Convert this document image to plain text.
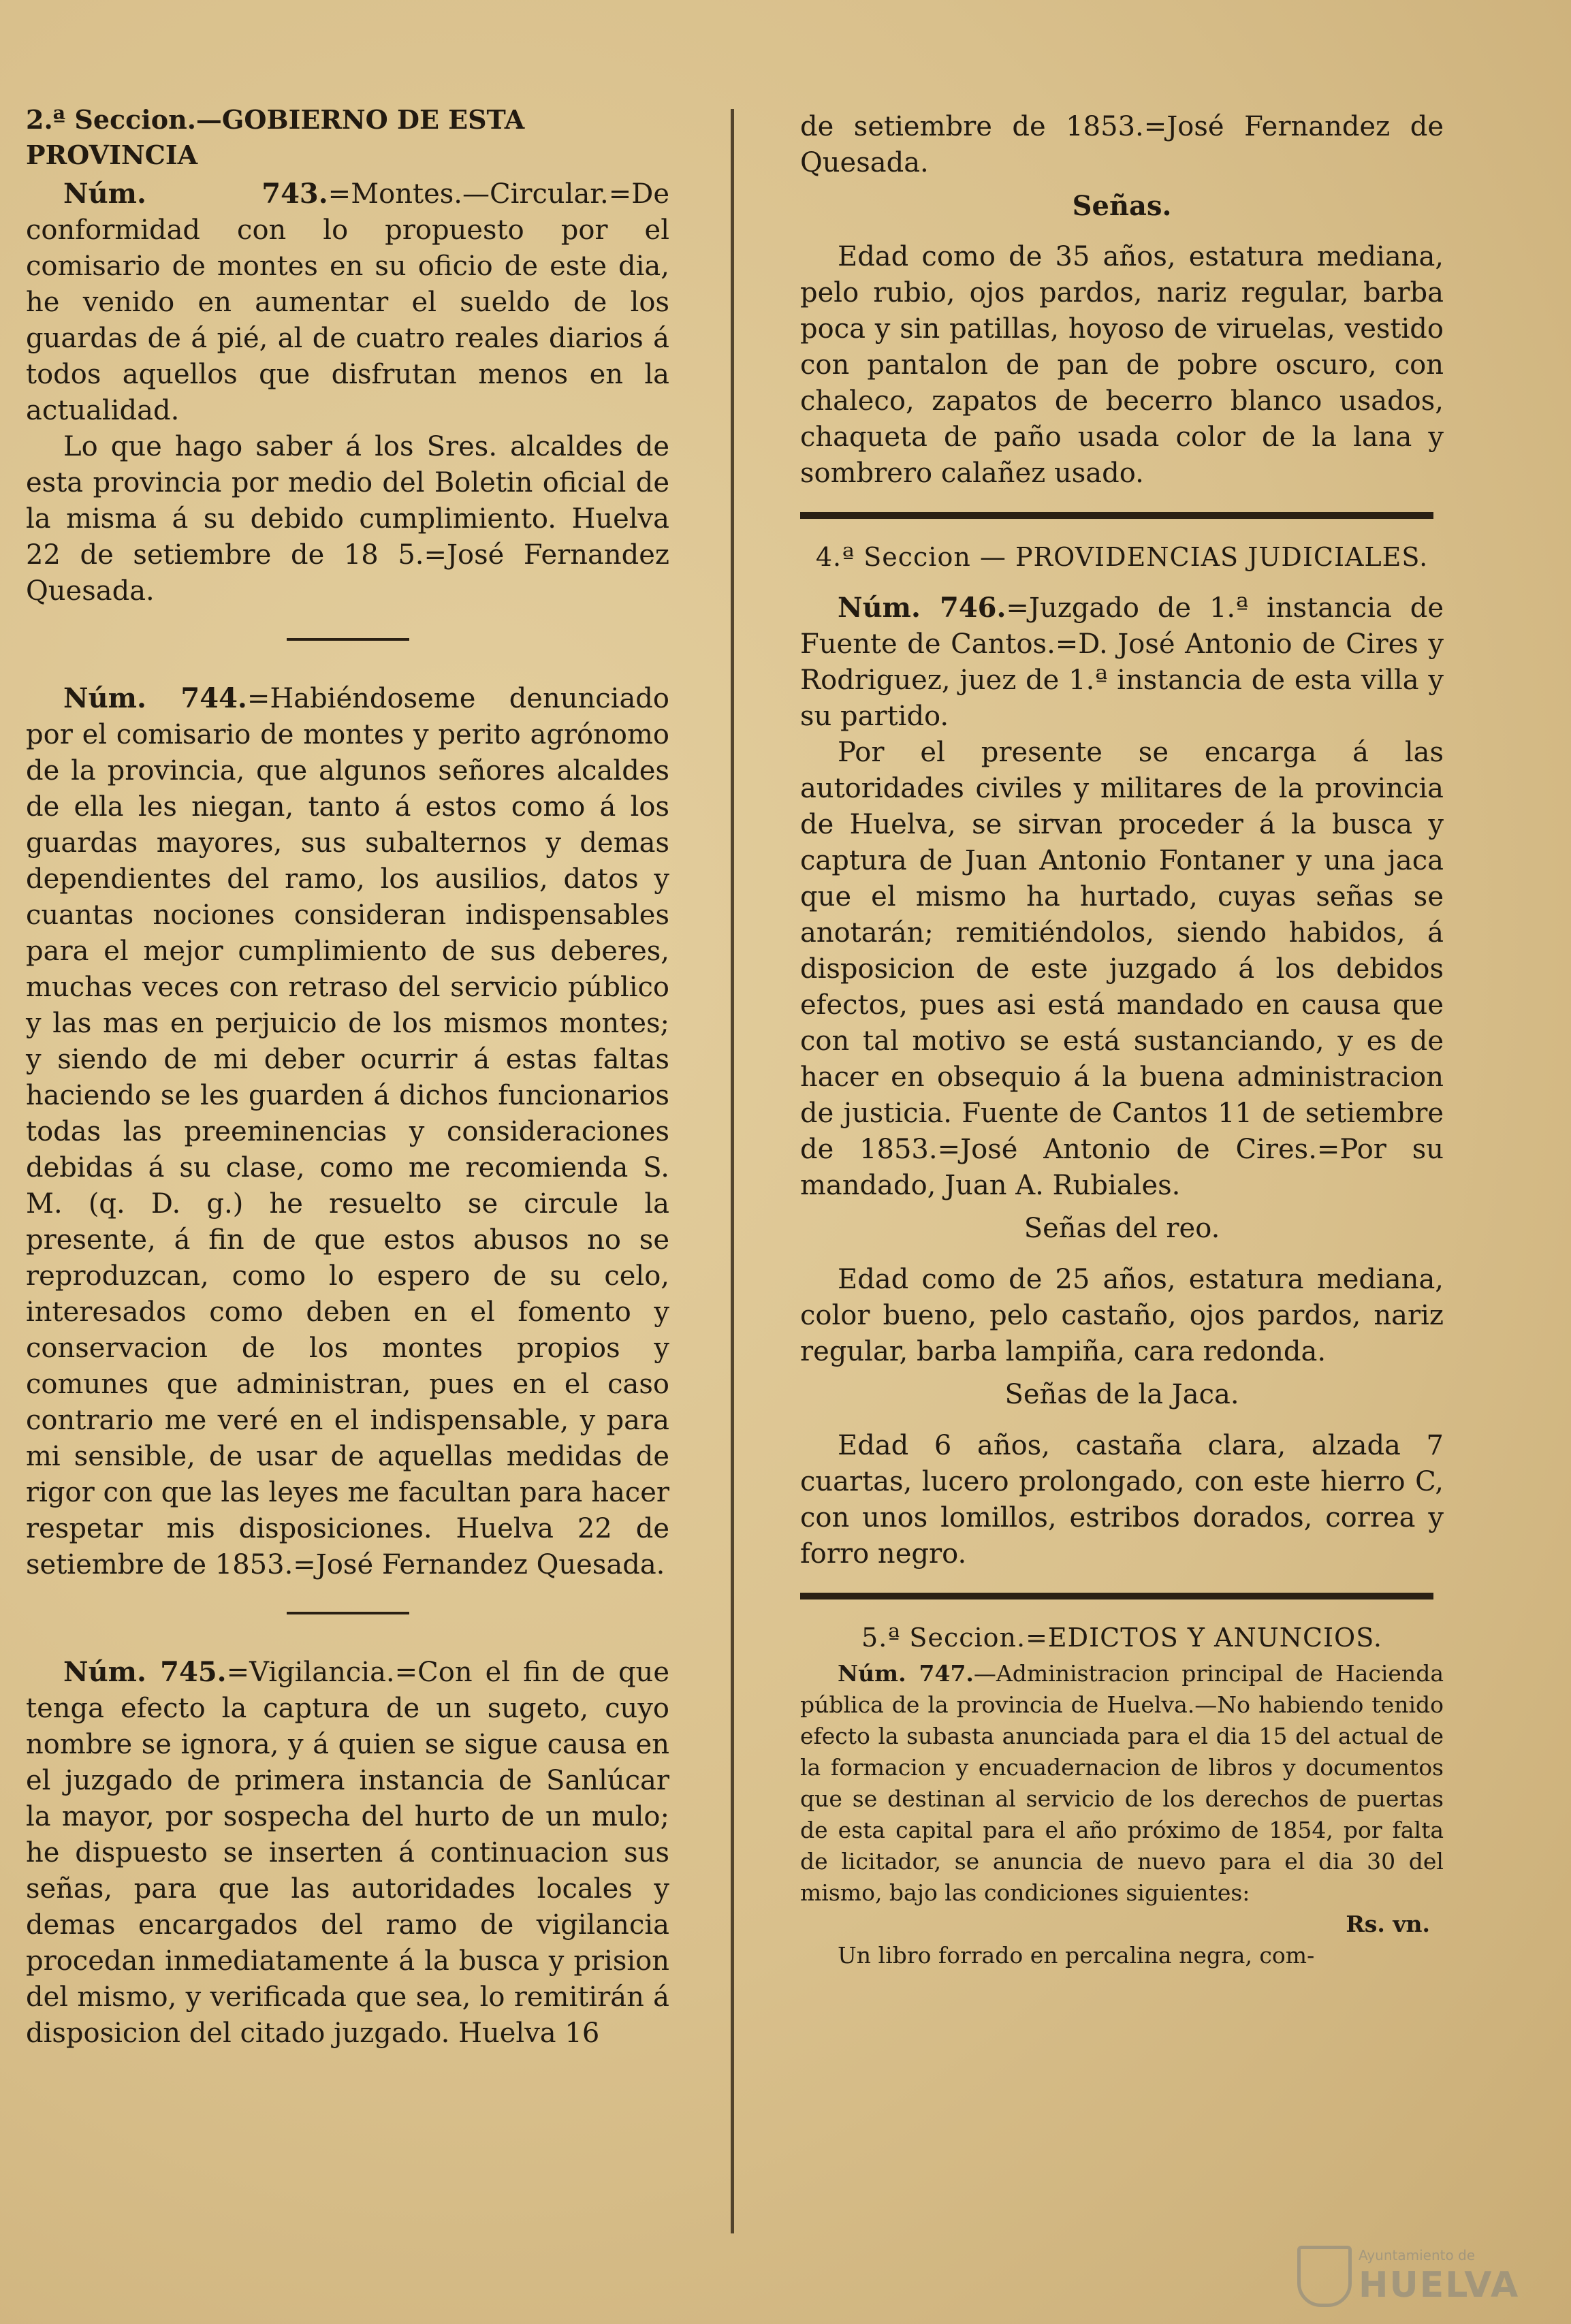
2.ª Seccion.—GOBIERNO DE ESTA PROVINCIA

Núm. 743.=Montes.—Circular.=De conformidad con lo propuesto por el comisario de montes en su oficio de este dia, he venido en aumentar el sueldo de los guardas de á pié, al de cuatro reales diarios á todos aquellos que disfrutan menos en la actualidad.

Lo que hago saber á los Sres. alcaldes de esta provincia por medio del Boletin oficial de la misma á su debido cumplimiento. Huelva 22 de setiembre de 18 5.=José Fernandez Quesada.

Núm. 744.=Habiéndoseme denunciado por el comisario de montes y perito agrónomo de la provincia, que algunos señores alcaldes de ella les niegan, tanto á estos como á los guardas mayores, sus subalternos y demas dependientes del ramo, los ausilios, datos y cuantas nociones consideran indispensables para el mejor cumplimiento de sus deberes, muchas veces con retraso del servicio público y las mas en perjuicio de los mismos montes; y siendo de mi deber ocurrir á estas faltas haciendo se les guarden á dichos funcionarios todas las preeminencias y consideraciones debidas á su clase, como me recomienda S. M. (q. D. g.) he resuelto se circule la presente, á fin de que estos abusos no se reproduzcan, como lo espero de su celo, interesados como deben en el fomento y conservacion de los montes propios y comunes que administran, pues en el caso contrario me veré en el indispensable, y para mi sensible, de usar de aquellas medidas de rigor con que las leyes me facultan para hacer respetar mis disposiciones. Huelva 22 de setiembre de 1853.=José Fernandez Quesada.

Núm. 745.=Vigilancia.=Con el fin de que tenga efecto la captura de un sugeto, cuyo nombre se ignora, y á quien se sigue causa en el juzgado de primera instancia de Sanlúcar la mayor, por sospecha del hurto de un mulo; he dispuesto se inserten á continuacion sus señas, para que las autoridades locales y demas encargados del ramo de vigilancia procedan inmediatamente á la busca y prision del mismo, y verificada que sea, lo remitirán á disposicion del citado juzgado. Huelva 16

de setiembre de 1853.=José Fernandez de Quesada.

Señas.

Edad como de 35 años, estatura mediana, pelo rubio, ojos pardos, nariz regular, barba poca y sin patillas, hoyoso de viruelas, vestido con pantalon de pan de pobre oscuro, con chaleco, zapatos de becerro blanco usados, chaqueta de paño usada color de la lana y sombrero calañez usado.

4.ª Seccion — PROVIDENCIAS JUDICIALES.

Núm. 746.=Juzgado de 1.ª instancia de Fuente de Cantos.=D. José Antonio de Cires y Rodriguez, juez de 1.ª instancia de esta villa y su partido.

Por el presente se encarga á las autoridades civiles y militares de la provincia de Huelva, se sirvan proceder á la busca y captura de Juan Antonio Fontaner y una jaca que el mismo ha hurtado, cuyas señas se anotarán; remitiéndolos, siendo habidos, á disposicion de este juzgado á los debidos efectos, pues asi está mandado en causa que con tal motivo se está sustanciando, y es de hacer en obsequio á la buena administracion de justicia. Fuente de Cantos 11 de setiembre de 1853.=José Antonio de Cires.=Por su mandado, Juan A. Rubiales.

Señas del reo.

Edad como de 25 años, estatura mediana, color bueno, pelo castaño, ojos pardos, nariz regular, barba lampiña, cara redonda.

Señas de la Jaca.

Edad 6 años, castaña clara, alzada 7 cuartas, lucero prolongado, con este hierro C, con unos lomillos, estribos dorados, correa y forro negro.

5.ª Seccion.=EDICTOS Y ANUNCIOS.

Núm. 747.—Administracion principal de Hacienda pública de la provincia de Huelva.—No habiendo tenido efecto la subasta anunciada para el dia 15 del actual de la formacion y encuadernacion de libros y documentos que se destinan al servicio de los derechos de puertas de esta capital para el año próximo de 1854, por falta de licitador, se anuncia de nuevo para el dia 30 del mismo, bajo las condiciones siguientes:

Rs. vn.

Un libro forrado en percalina negra, com-

Ayuntamiento de
HUELVA
